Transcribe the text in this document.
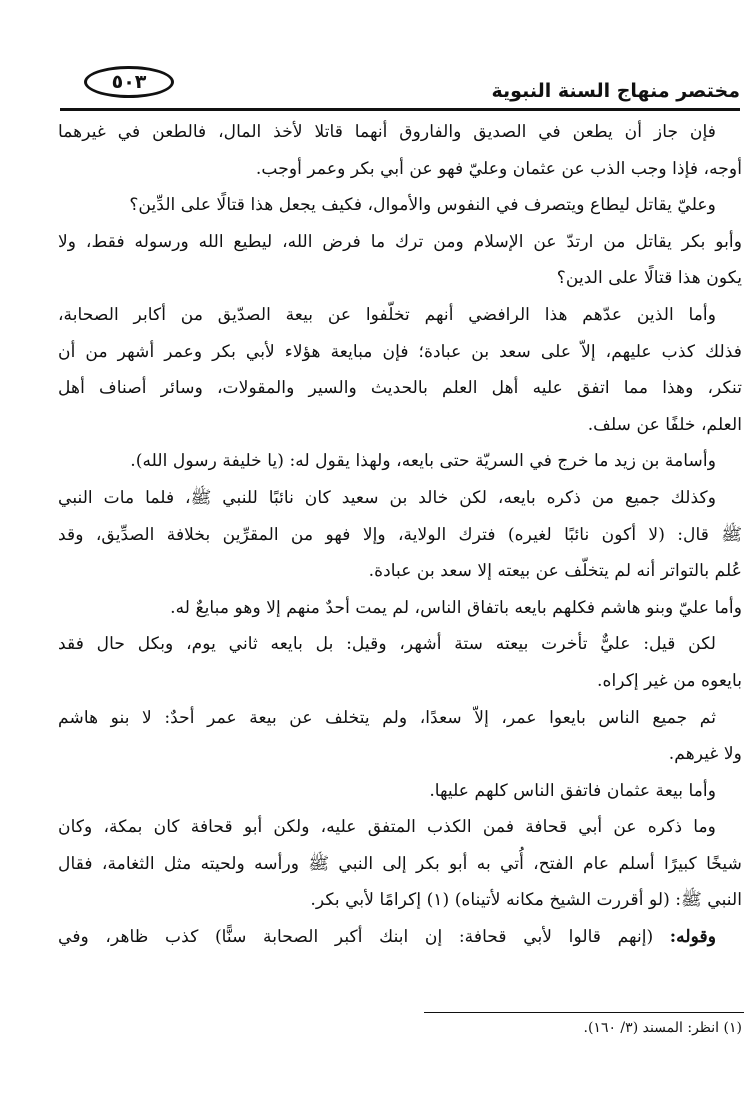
٥٠٣	مختصر منهاج السنة النبوية
فإن جاز أن يطعن في الصديق والفاروق أنهما قاتلا لأخذ المال، فالطعن في غيرهما
أوجه، فإذا وجب الذب عن عثمان وعليّ فهو عن أبي بكر وعمر أوجب.
وعليّ يقاتل ليطاع ويتصرف في النفوس والأموال، فكيف يجعل هذا قتالًا على الدِّين؟
وأبو بكر يقاتل من ارتدّ عن الإسلام ومن ترك ما فرض الله، ليطيع الله ورسوله فقط، ولا
يكون هذا قتالًا على الدين؟
وأما الذين عدّهم هذا الرافضي أنهم تخلّفوا عن بيعة الصدّيق من أكابر الصحابة،
فذلك كذب عليهم، إلاّ على سعد بن عبادة؛ فإن مبايعة هؤلاء لأبي بكر وعمر أشهر من أن
تنكر، وهذا مما اتفق عليه أهل العلم بالحديث والسير والمقولات، وسائر أصناف أهل
العلم، خلفًا عن سلف.
وأسامة بن زيد ما خرج في السريّة حتى بايعه، ولهذا يقول له: (يا خليفة رسول الله).
وكذلك جميع من ذكره بايعه، لكن خالد بن سعيد كان نائبًا للنبي ﷺ، فلما مات النبي
ﷺ قال: (لا أكون نائبًا لغيره) فترك الولاية، وإلا فهو من المقرِّين بخلافة الصدِّيق، وقد
عُلم بالتواتر أنه لم يتخلّف عن بيعته إلا سعد بن عبادة.
وأما عليّ وبنو هاشم فكلهم بايعه باتفاق الناس، لم يمت أحدٌ منهم إلا وهو مبايعٌ له.
لكن قيل: عليٌّ تأخرت بيعته ستة أشهر، وقيل: بل بايعه ثاني يوم، وبكل حال فقد
بايعوه من غير إكراه.
ثم جميع الناس بايعوا عمر، إلاّ سعدًا، ولم يتخلف عن بيعة عمر أحدٌ: لا بنو هاشم
ولا غيرهم.
وأما بيعة عثمان فاتفق الناس كلهم عليها.
وما ذكره عن أبي قحافة فمن الكذب المتفق عليه، ولكن أبو قحافة كان بمكة، وكان
شيخًا كبيرًا أسلم عام الفتح، أُتي به أبو بكر إلى النبي ﷺ ورأسه ولحيته مثل الثغامة، فقال
النبي ﷺ: (لو أقررت الشيخ مكانه لأتيناه) (١) إكرامًا لأبي بكر.
وقوله: (إنهم قالوا لأبي قحافة: إن ابنك أكبر الصحابة سنًّا) كذب ظاهر، وفي
(١) انظر: المسند (٣/ ١٦٠).
